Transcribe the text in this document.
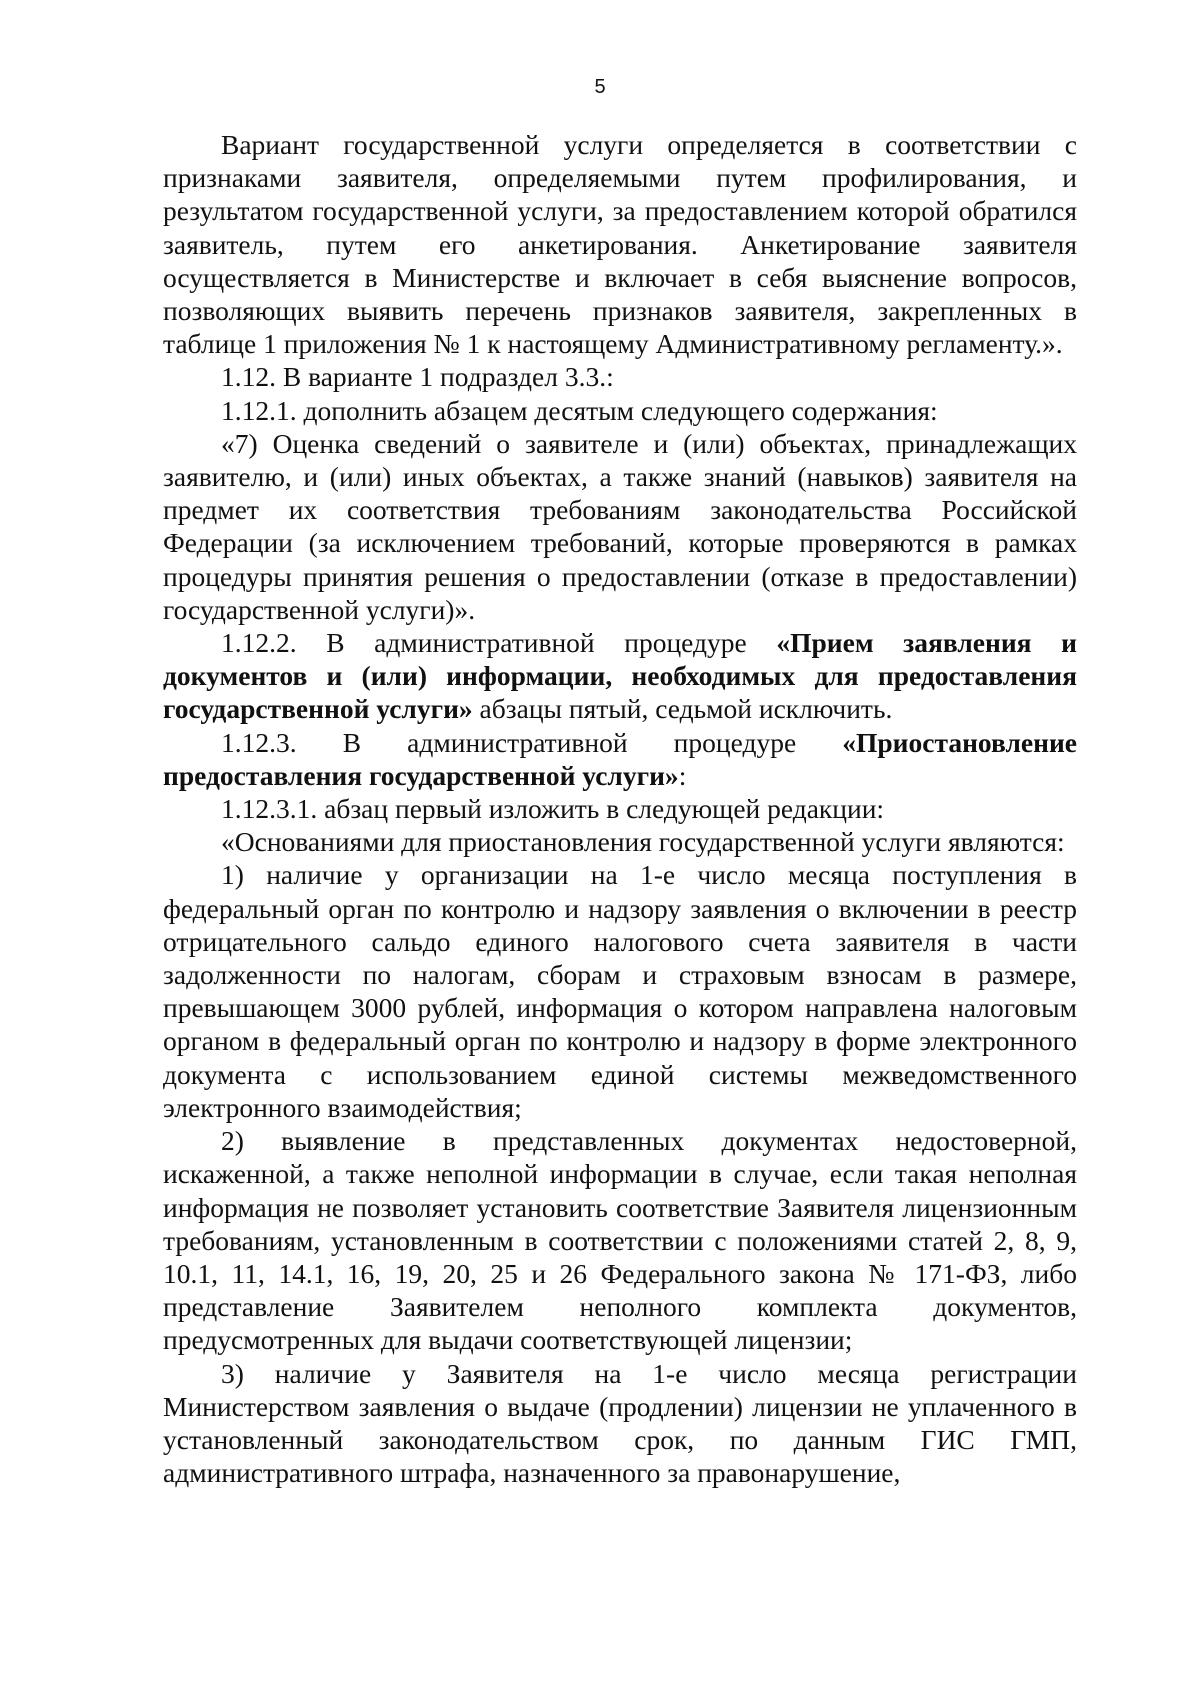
5

Вариант государственной услуги определяется в соответствии с признаками заявителя, определяемыми путем профилирования, и результатом государственной услуги, за предоставлением которой обратился заявитель, путем его анкетирования. Анкетирование заявителя осуществляется в Министерстве и включает в себя выяснение вопросов, позволяющих выявить перечень признаков заявителя, закрепленных в таблице 1 приложения № 1 к настоящему Административному регламенту.».

1.12. В варианте 1 подраздел 3.3.:

1.12.1. дополнить абзацем десятым следующего содержания:

«7) Оценка сведений о заявителе и (или) объектах, принадлежащих заявителю, и (или) иных объектах, а также знаний (навыков) заявителя на предмет их соответствия требованиям законодательства Российской Федерации (за исключением требований, которые проверяются в рамках процедуры принятия решения о предоставлении (отказе в предоставлении) государственной услуги)».

1.12.2. В административной процедуре «Прием заявления и документов и (или) информации, необходимых для предоставления государственной услуги» абзацы пятый, седьмой исключить.

1.12.3. В административной процедуре «Приостановление предоставления государственной услуги»:

1.12.3.1. абзац первый изложить в следующей редакции:

«Основаниями для приостановления государственной услуги являются:

1) наличие у организации на 1-е число месяца поступления в федеральный орган по контролю и надзору заявления о включении в реестр отрицательного сальдо единого налогового счета заявителя в части задолженности по налогам, сборам и страховым взносам в размере, превышающем 3000 рублей, информация о котором направлена налоговым органом в федеральный орган по контролю и надзору в форме электронного документа с использованием единой системы межведомственного электронного взаимодействия;

2) выявление в представленных документах недостоверной, искаженной, а также неполной информации в случае, если такая неполная информация не позволяет установить соответствие Заявителя лицензионным требованиям, установленным в соответствии с положениями статей 2, 8, 9, 10.1, 11, 14.1, 16, 19, 20, 25 и 26 Федерального закона № 171-ФЗ, либо представление Заявителем неполного комплекта документов, предусмотренных для выдачи соответствующей лицензии;

3) наличие у Заявителя на 1-е число месяца регистрации Министерством заявления о выдаче (продлении) лицензии не уплаченного в установленный законодательством срок, по данным ГИС ГМП, административного штрафа, назначенного за правонарушение,
